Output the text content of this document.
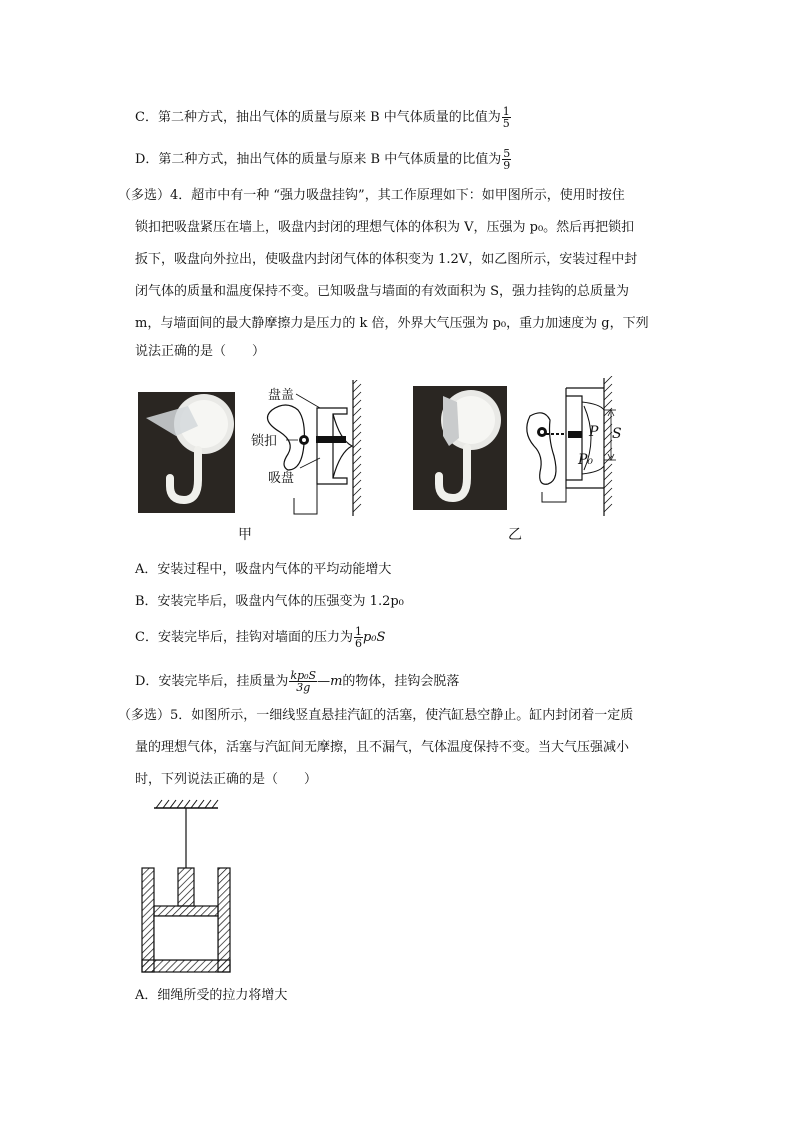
C．第二种方式，抽出气体的质量与原来 B 中气体质量的比值为 $\frac{1}{5}$
D．第二种方式，抽出气体的质量与原来 B 中气体质量的比值为 $\frac{5}{9}$
（多选）4．超市中有一种 “强力吸盘挂钩”，其工作原理如下：如甲图所示，使用时按住
锁扣把吸盘紧压在墙上，吸盘内封闭的理想气体的体积为 V，压强为 p₀。然后再把锁扣
扳下，吸盘向外拉出，使吸盘内封闭气体的体积变为 1.2V，如乙图所示，安装过程中封
闭气体的质量和温度保持不变。已知吸盘与墙面的有效面积为 S，强力挂钩的总质量为
m，与墙面间的最大静摩擦力是压力的 k 倍，外界大气压强为 p₀，重力加速度为 g，下列
说法正确的是（　　）
盘盖
锁扣
吸盘
甲
P S
P₀
乙
A．安装过程中，吸盘内气体的平均动能增大
B．安装完毕后，吸盘内气体的压强变为 1.2p₀
C．安装完毕后，挂钩对墙面的压力为 $\frac{1}{6} p_0S$
D．安装完毕后，挂质量为 $\frac{\text{kp₀S}}{3g}$ —m的物体，挂钩会脱落
（多选）5．如图所示，一细线竖直悬挂汽缸的活塞，使汽缸悬空静止。缸内封闭着一定质
量的理想气体，活塞与汽缸间无摩擦，且不漏气，气体温度保持不变。当大气压强减小
时，下列说法正确的是（　　）
A．细绳所受的拉力将增大
